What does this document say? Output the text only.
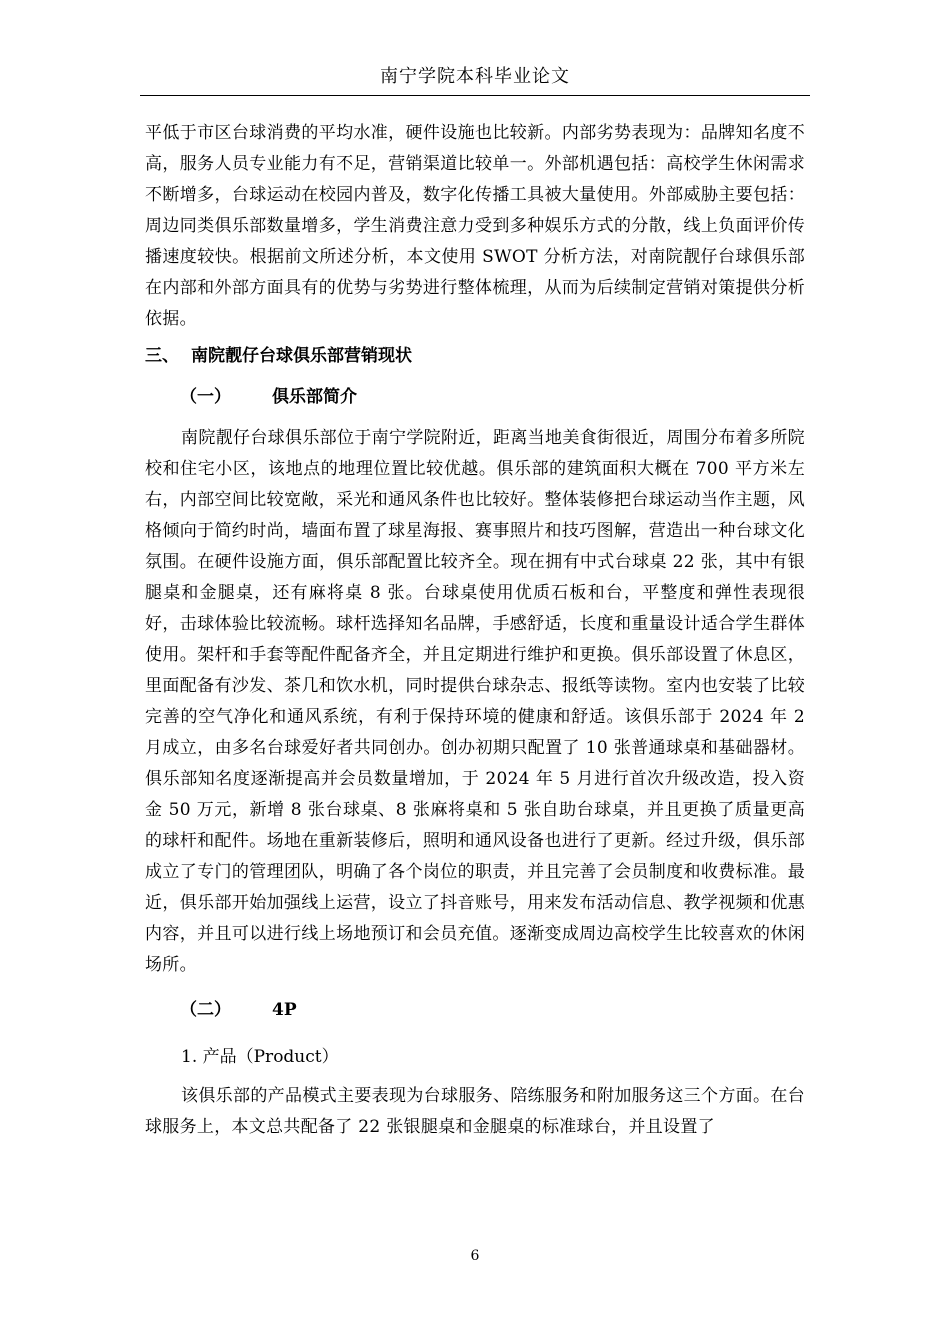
南宁学院本科毕业论文

平低于市区台球消费的平均水准，硬件设施也比较新。内部劣势表现为：品牌知名度不高，服务人员专业能力有不足，营销渠道比较单一。外部机遇包括：高校学生休闲需求不断增多，台球运动在校园内普及，数字化传播工具被大量使用。外部威胁主要包括：周边同类俱乐部数量增多，学生消费注意力受到多种娱乐方式的分散，线上负面评价传播速度较快。根据前文所述分析，本文使用 SWOT 分析方法，对南院靓仔台球俱乐部在内部和外部方面具有的优势与劣势进行整体梳理，从而为后续制定营销对策提供分析依据。

三、 南院靓仔台球俱乐部营销现状
（一） 俱乐部简介

南院靓仔台球俱乐部位于南宁学院附近，距离当地美食街很近，周围分布着多所院校和住宅小区，该地点的地理位置比较优越。俱乐部的建筑面积大概在 700 平方米左右，内部空间比较宽敞，采光和通风条件也比较好。整体装修把台球运动当作主题，风格倾向于简约时尚，墙面布置了球星海报、赛事照片和技巧图解，营造出一种台球文化氛围。在硬件设施方面，俱乐部配置比较齐全。现在拥有中式台球桌 22 张，其中有银腿桌和金腿桌，还有麻将桌 8 张。台球桌使用优质石板和台，平整度和弹性表现很好，击球体验比较流畅。球杆选择知名品牌，手感舒适，长度和重量设计适合学生群体使用。架杆和手套等配件配备齐全，并且定期进行维护和更换。俱乐部设置了休息区，里面配备有沙发、茶几和饮水机，同时提供台球杂志、报纸等读物。室内也安装了比较完善的空气净化和通风系统，有利于保持环境的健康和舒适。该俱乐部于 2024 年 2 月成立，由多名台球爱好者共同创办。创办初期只配置了 10 张普通球桌和基础器材。俱乐部知名度逐渐提高并会员数量增加，于 2024 年 5 月进行首次升级改造，投入资金 50 万元，新增 8 张台球桌、8 张麻将桌和 5 张自助台球桌，并且更换了质量更高的球杆和配件。场地在重新装修后，照明和通风设备也进行了更新。经过升级，俱乐部成立了专门的管理团队，明确了各个岗位的职责，并且完善了会员制度和收费标准。最近，俱乐部开始加强线上运营，设立了抖音账号，用来发布活动信息、教学视频和优惠内容，并且可以进行线上场地预订和会员充值。逐渐变成周边高校学生比较喜欢的休闲场所。

（二） 4P
1. 产品（Product）

该俱乐部的产品模式主要表现为台球服务、陪练服务和附加服务这三个方面。在台球服务上，本文总共配备了 22 张银腿桌和金腿桌的标准球台，并且设置了

6
